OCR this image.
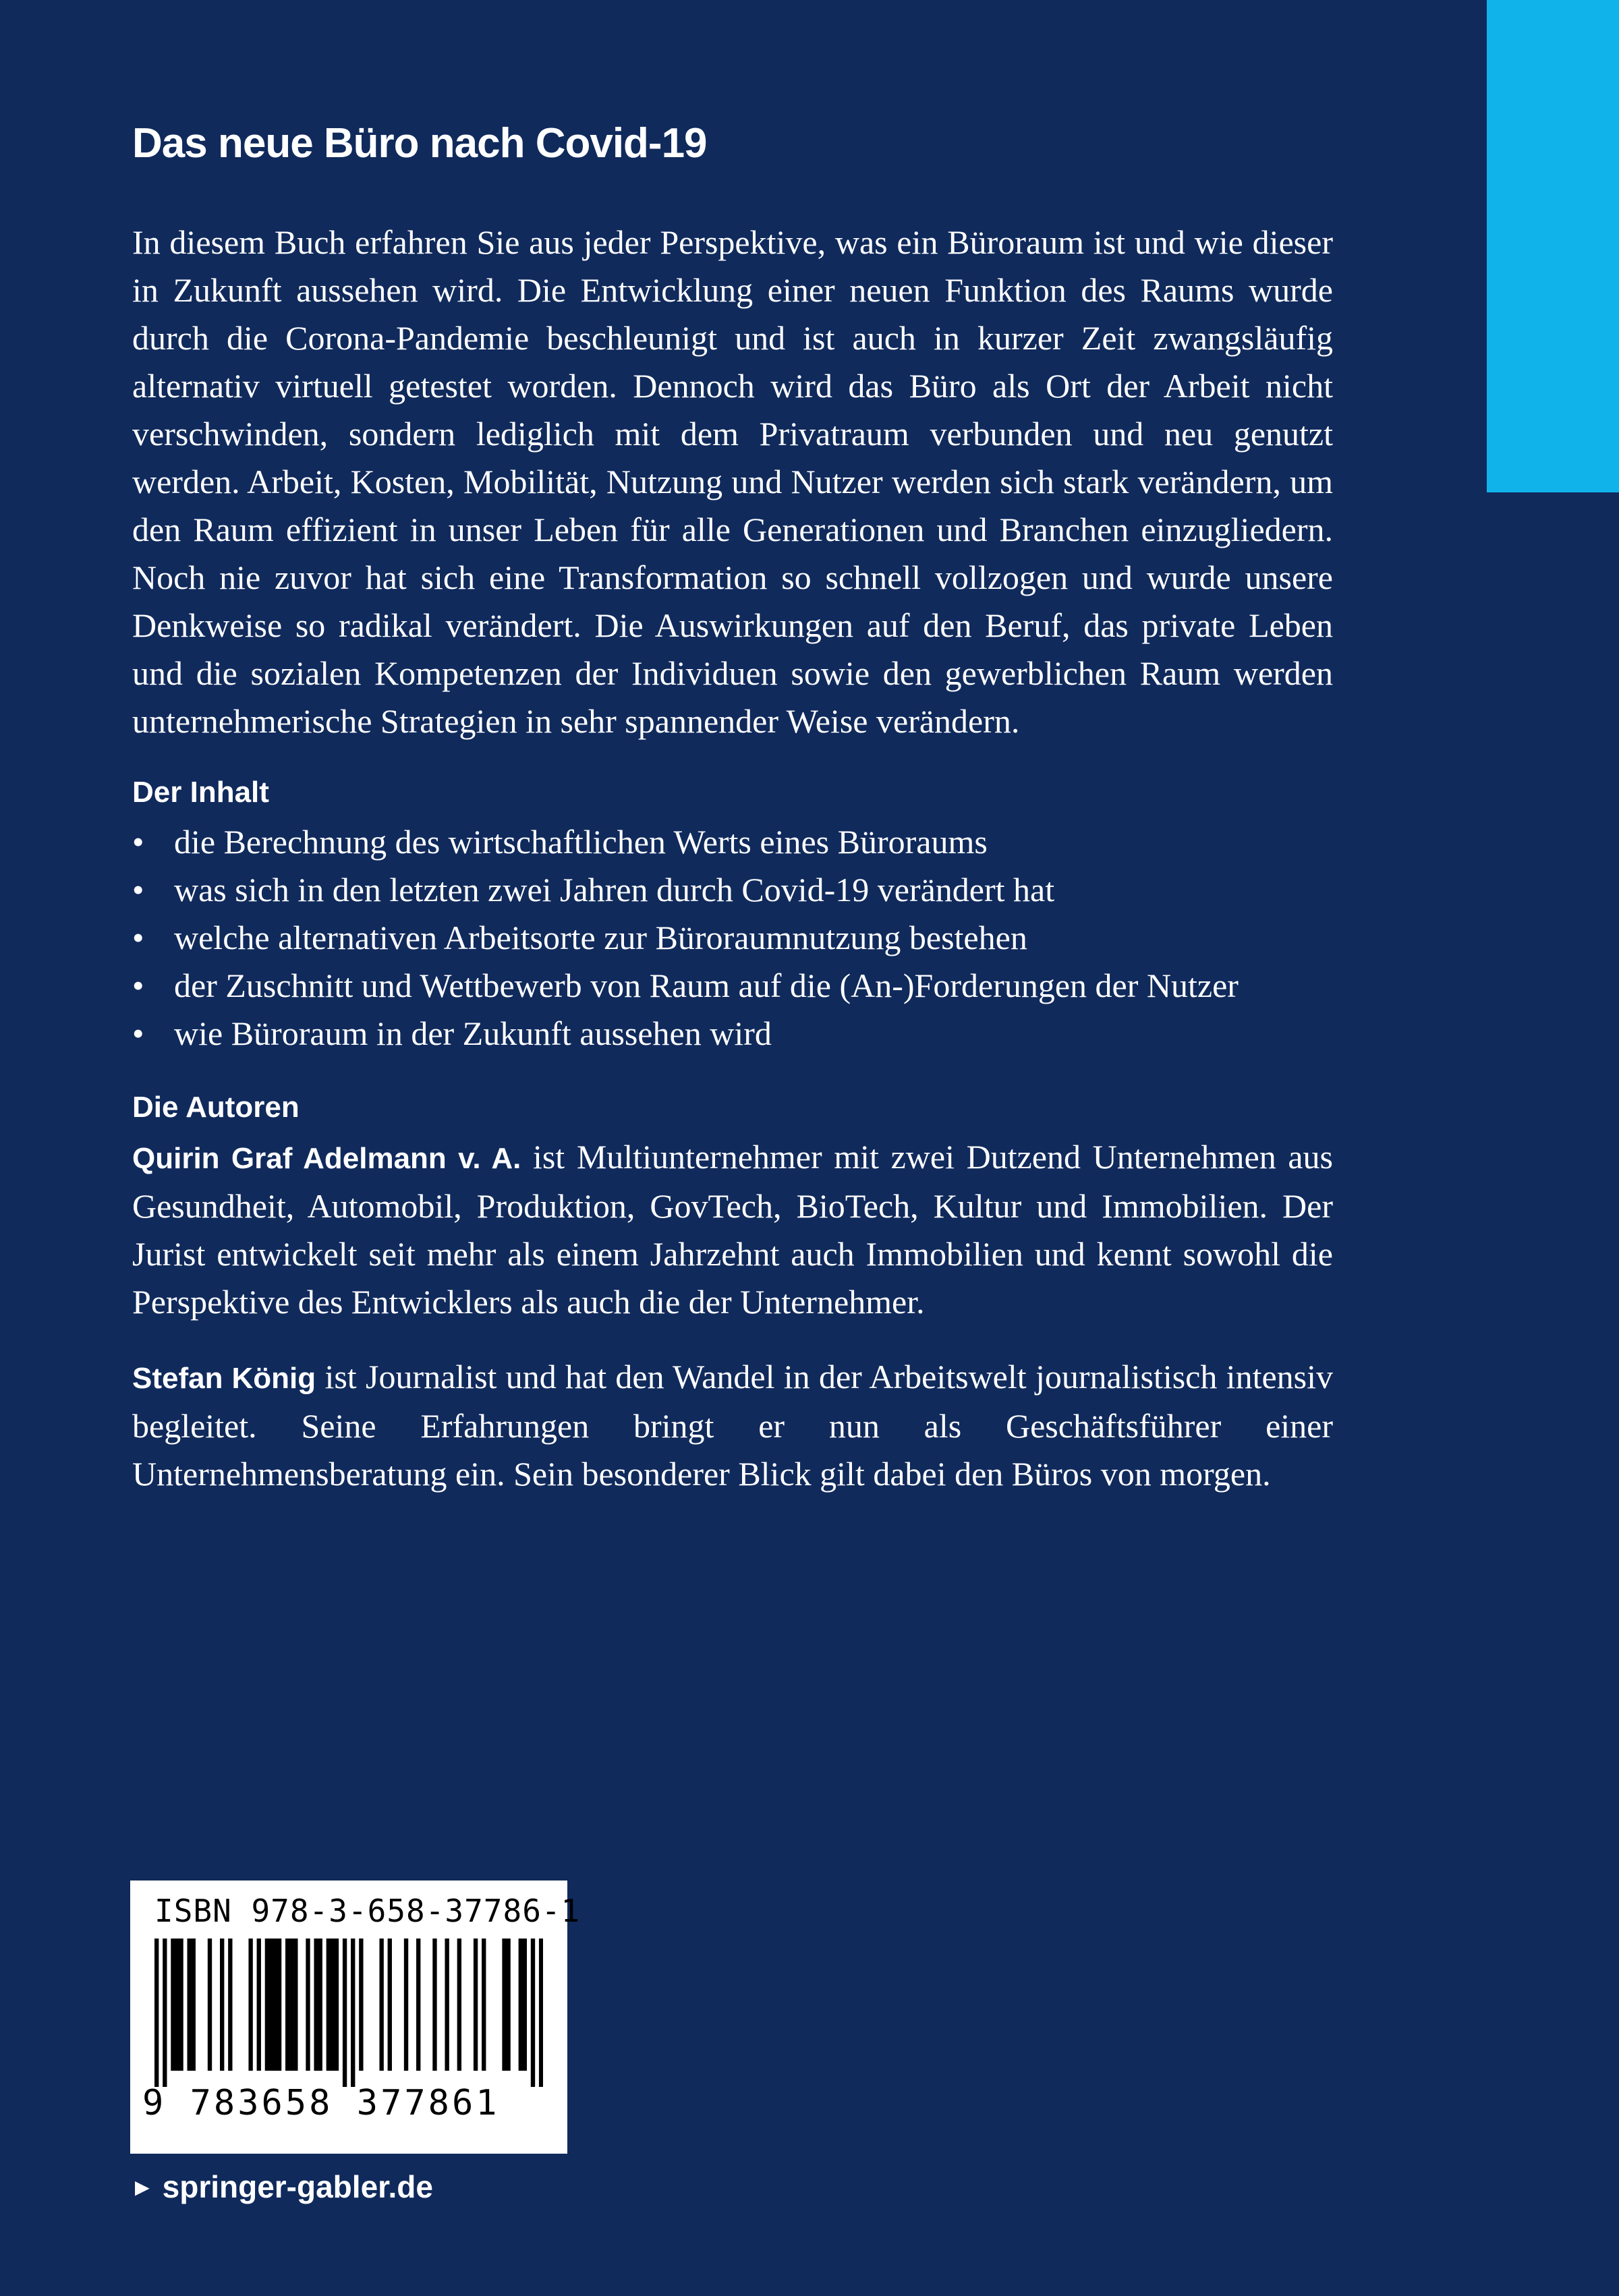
Das neue Büro nach Covid-19

In diesem Buch erfahren Sie aus jeder Perspektive, was ein Büroraum ist und wie dieser in Zukunft aussehen wird. Die Entwicklung einer neuen Funktion des Raums wurde durch die Corona-Pandemie beschleunigt und ist auch in kurzer Zeit zwangsläufig alternativ virtuell getestet worden. Dennoch wird das Büro als Ort der Arbeit nicht verschwinden, sondern lediglich mit dem Privatraum verbunden und neu genutzt werden. Arbeit, Kosten, Mobilität, Nutzung und Nutzer werden sich stark verändern, um den Raum effizient in unser Leben für alle Generationen und Branchen einzugliedern. Noch nie zuvor hat sich eine Transformation so schnell vollzogen und wurde unsere Denkweise so radikal verändert. Die Auswirkungen auf den Beruf, das private Leben und die sozialen Kompetenzen der Individuen sowie den gewerblichen Raum werden unternehmerische Strategien in sehr spannender Weise verändern.

Der Inhalt
• die Berechnung des wirtschaftlichen Werts eines Büroraums
• was sich in den letzten zwei Jahren durch Covid-19 verändert hat
• welche alternativen Arbeitsorte zur Büroraumnutzung bestehen
• der Zuschnitt und Wettbewerb von Raum auf die (An-)Forderungen der Nutzer
• wie Büroraum in der Zukunft aussehen wird
Die Autoren

Quirin Graf Adelmann v. A. ist Multiunternehmer mit zwei Dutzend Unternehmen aus Gesundheit, Automobil, Produktion, GovTech, BioTech, Kultur und Immobilien. Der Jurist entwickelt seit mehr als einem Jahrzehnt auch Immobilien und kennt sowohl die Perspektive des Entwicklers als auch die der Unternehmer.

Stefan König ist Journalist und hat den Wandel in der Arbeitswelt journalistisch intensiv begleitet. Seine Erfahrungen bringt er nun als Geschäftsführer einer Unternehmensberatung ein. Sein besonderer Blick gilt dabei den Büros von morgen.

ISBN 978-3-658-37786-1
9 783658 377861
► springer-gabler.de
